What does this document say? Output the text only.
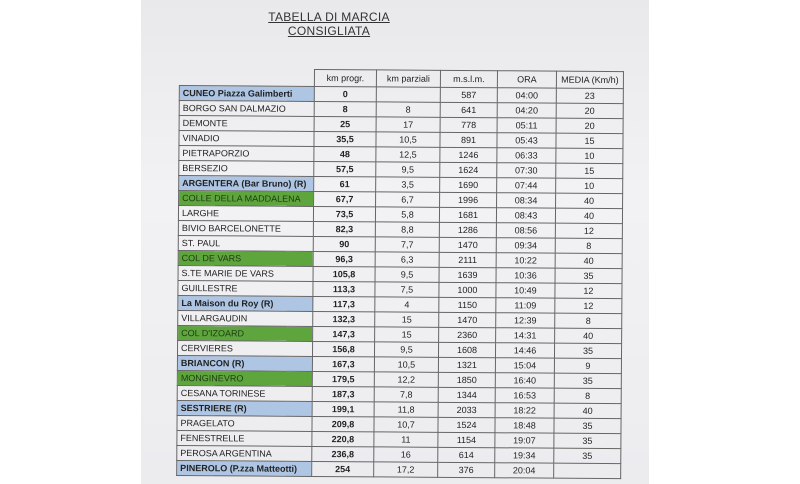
TABELLA DI MARCIA CONSIGLIATA
	km progr.	km parziali	m.s.l.m.	ORA	MEDIA (Km/h)
CUNEO Piazza Galimberti	0		587	04:00	23
BORGO SAN DALMAZIO	8	8	641	04:20	20
DEMONTE	25	17	778	05:11	20
VINADIO	35,5	10,5	891	05:43	15
PIETRAPORZIO	48	12,5	1246	06:33	10
BERSEZIO	57,5	9,5	1624	07:30	15
ARGENTERA (Bar Bruno) (R)	61	3,5	1690	07:44	10
COLLE DELLA MADDALENA	67,7	6,7	1996	08:34	40
LARGHE	73,5	5,8	1681	08:43	40
BIVIO BARCELONETTE	82,3	8,8	1286	08:56	12
ST. PAUL	90	7,7	1470	09:34	8
COL DE VARS	96,3	6,3	2111	10:22	40
S.TE MARIE DE VARS	105,8	9,5	1639	10:36	35
GUILLESTRE	113,3	7,5	1000	10:49	12
La Maison du Roy (R)	117,3	4	1150	11:09	12
VILLARGAUDIN	132,3	15	1470	12:39	8
COL D'IZOARD	147,3	15	2360	14:31	40
CERVIERES	156,8	9,5	1608	14:46	35
BRIANCON (R)	167,3	10,5	1321	15:04	9
MONGINEVRO	179,5	12,2	1850	16:40	35
CESANA TORINESE	187,3	7,8	1344	16:53	8
SESTRIERE (R)	199,1	11,8	2033	18:22	40
PRAGELATO	209,8	10,7	1524	18:48	35
FENESTRELLE	220,8	11	1154	19:07	35
PEROSA ARGENTINA	236,8	16	614	19:34	35
PINEROLO (P.zza Matteotti)	254	17,2	376	20:04	
